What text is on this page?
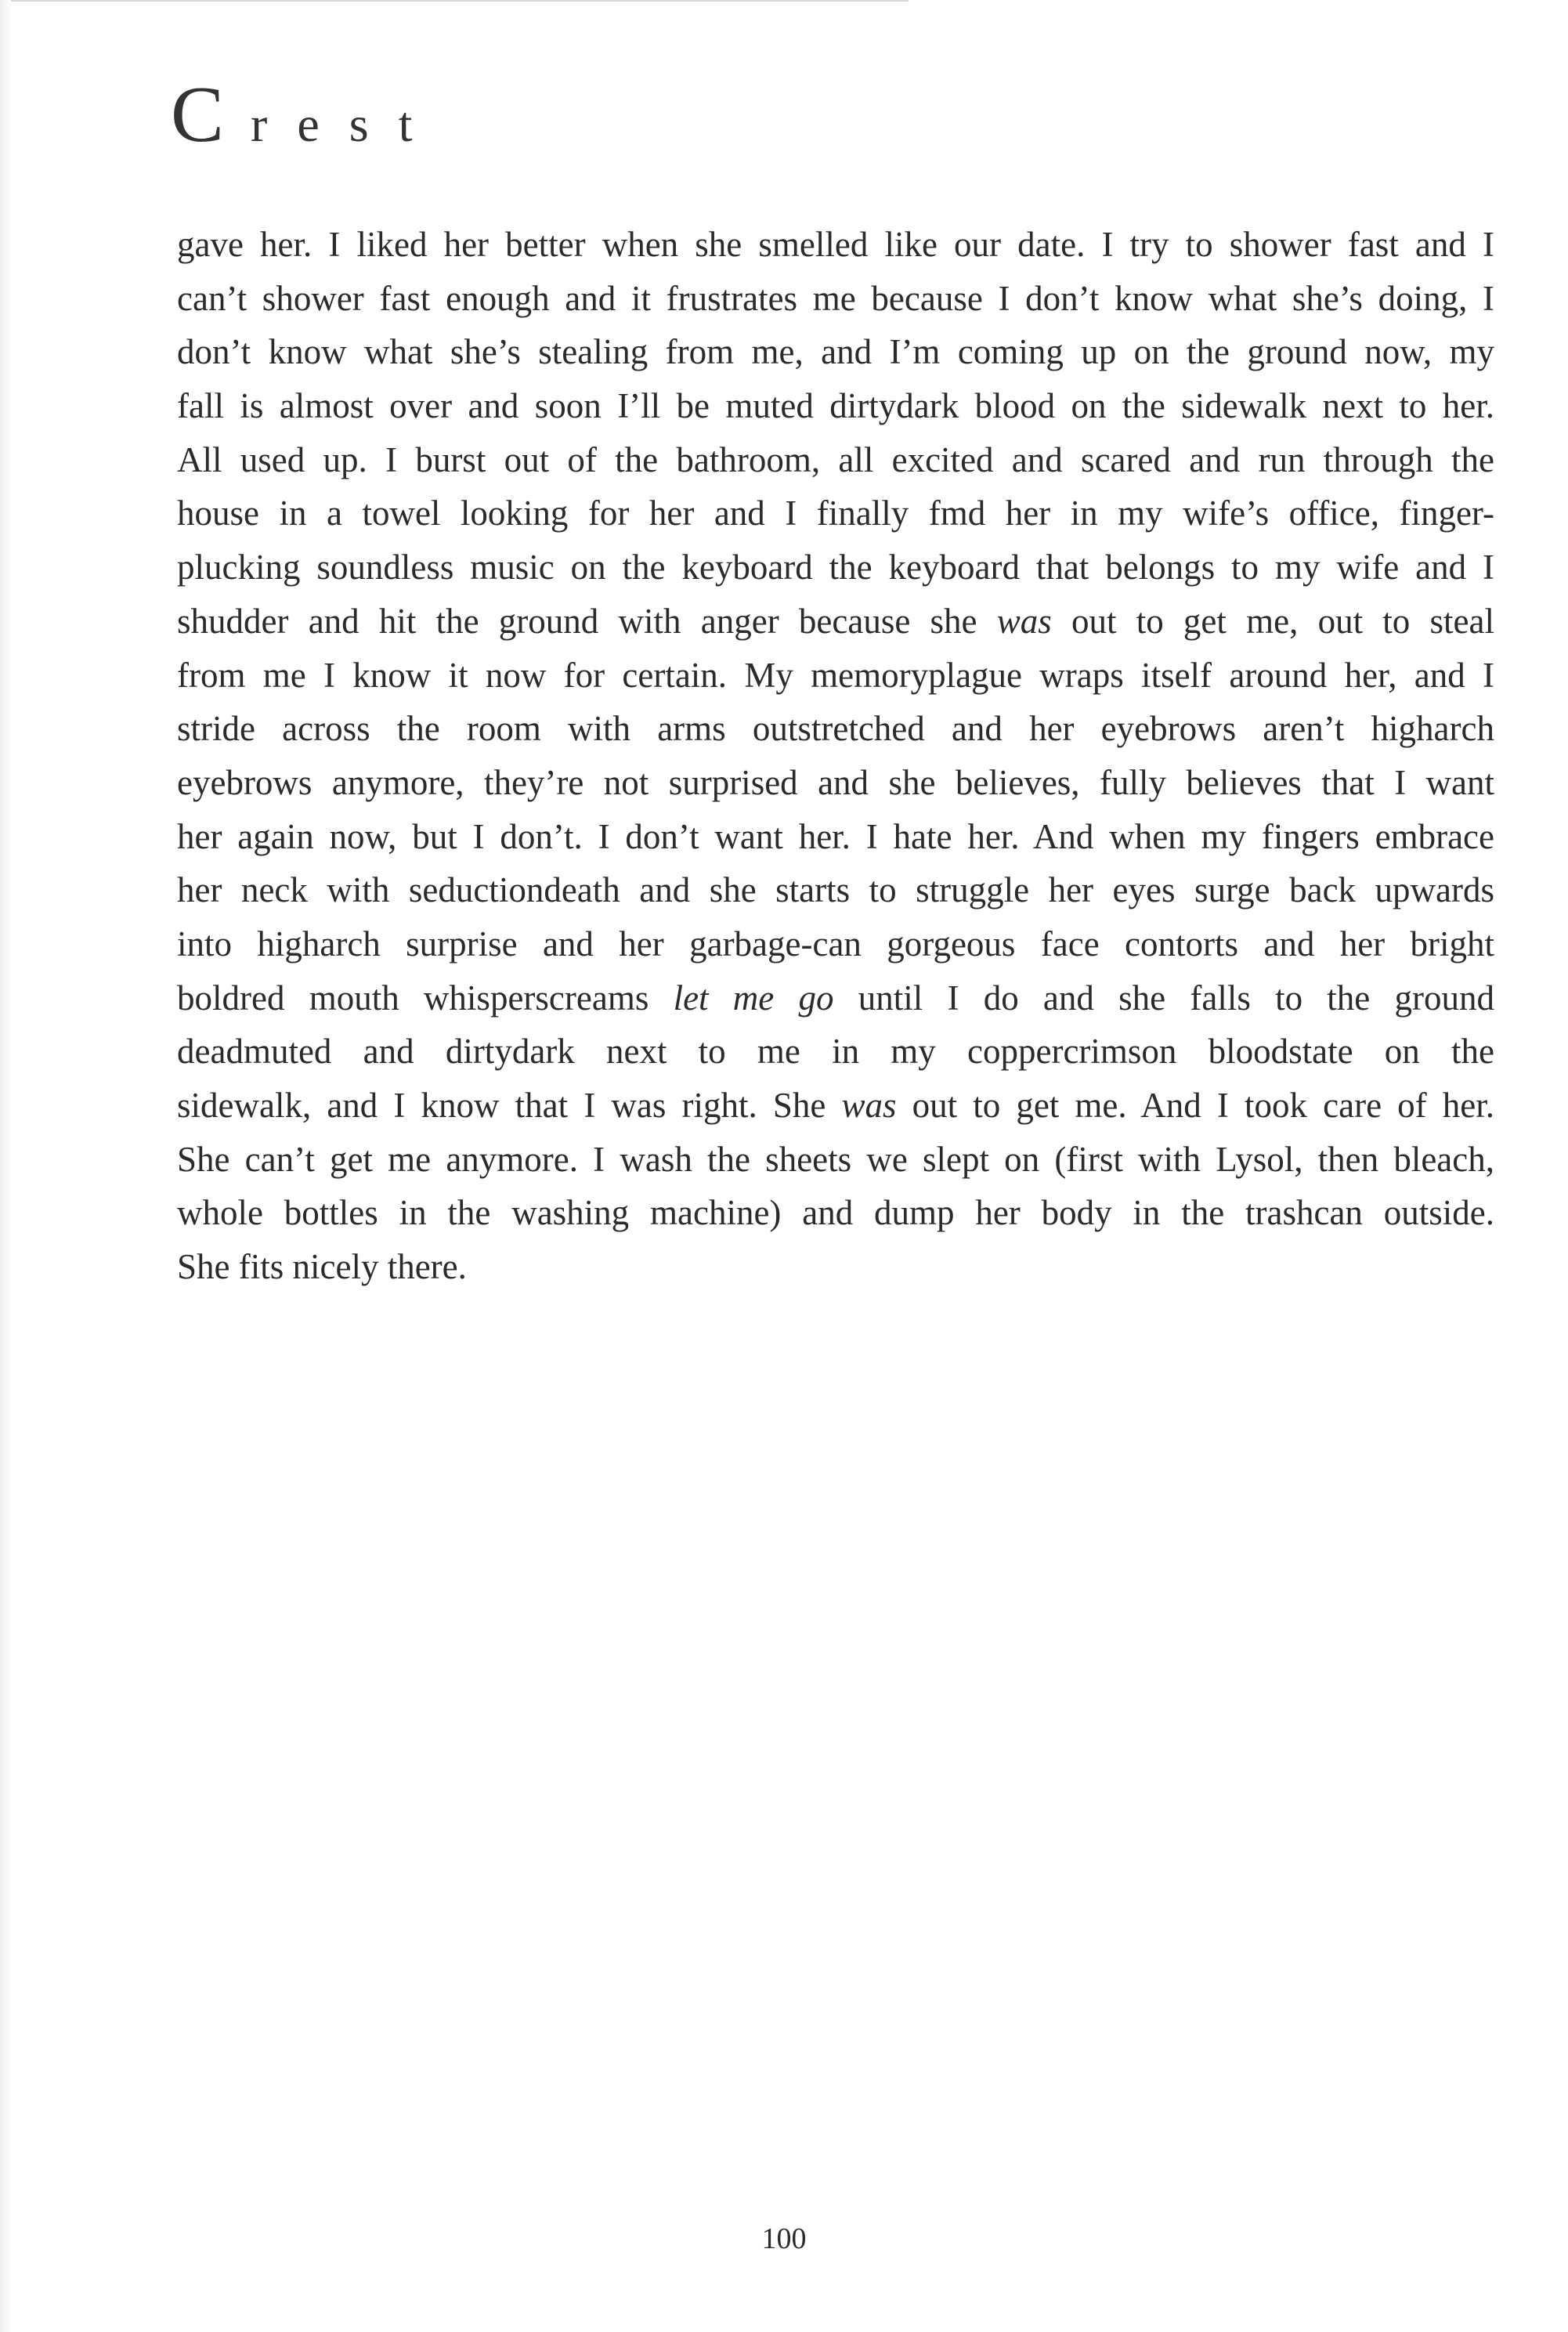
Crest
gave her. I liked her better when she smelled like our date. I try to shower fast and I
can’t shower fast enough and it frustrates me because I don’t know what she’s doing, I
don’t know what she’s stealing from me, and I’m coming up on the ground now, my
fall is almost over and soon I’ll be muted dirtydark blood on the sidewalk next to her.
All used up. I burst out of the bathroom, all excited and scared and run through the
house in a towel looking for her and I finally fmd her in my wife’s office, finger-
plucking soundless music on the keyboard the keyboard that belongs to my wife and I
shudder and hit the ground with anger because she was out to get me, out to steal
from me I know it now for certain. My memoryplague wraps itself around her, and I
stride across the room with arms outstretched and her eyebrows aren’t higharch
eyebrows anymore, they’re not surprised and she believes, fully believes that I want
her again now, but I don’t. I don’t want her. I hate her. And when my fingers embrace
her neck with seductiondeath and she starts to struggle her eyes surge back upwards
into higharch surprise and her garbage-can gorgeous face contorts and her bright
boldred mouth whisperscreams let me go until I do and she falls to the ground
deadmuted and dirtydark next to me in my coppercrimson bloodstate on the
sidewalk, and I know that I was right. She was out to get me. And I took care of her.
She can’t get me anymore. I wash the sheets we slept on (first with Lysol, then bleach,
whole bottles in the washing machine) and dump her body in the trashcan outside.
She fits nicely there.
100
